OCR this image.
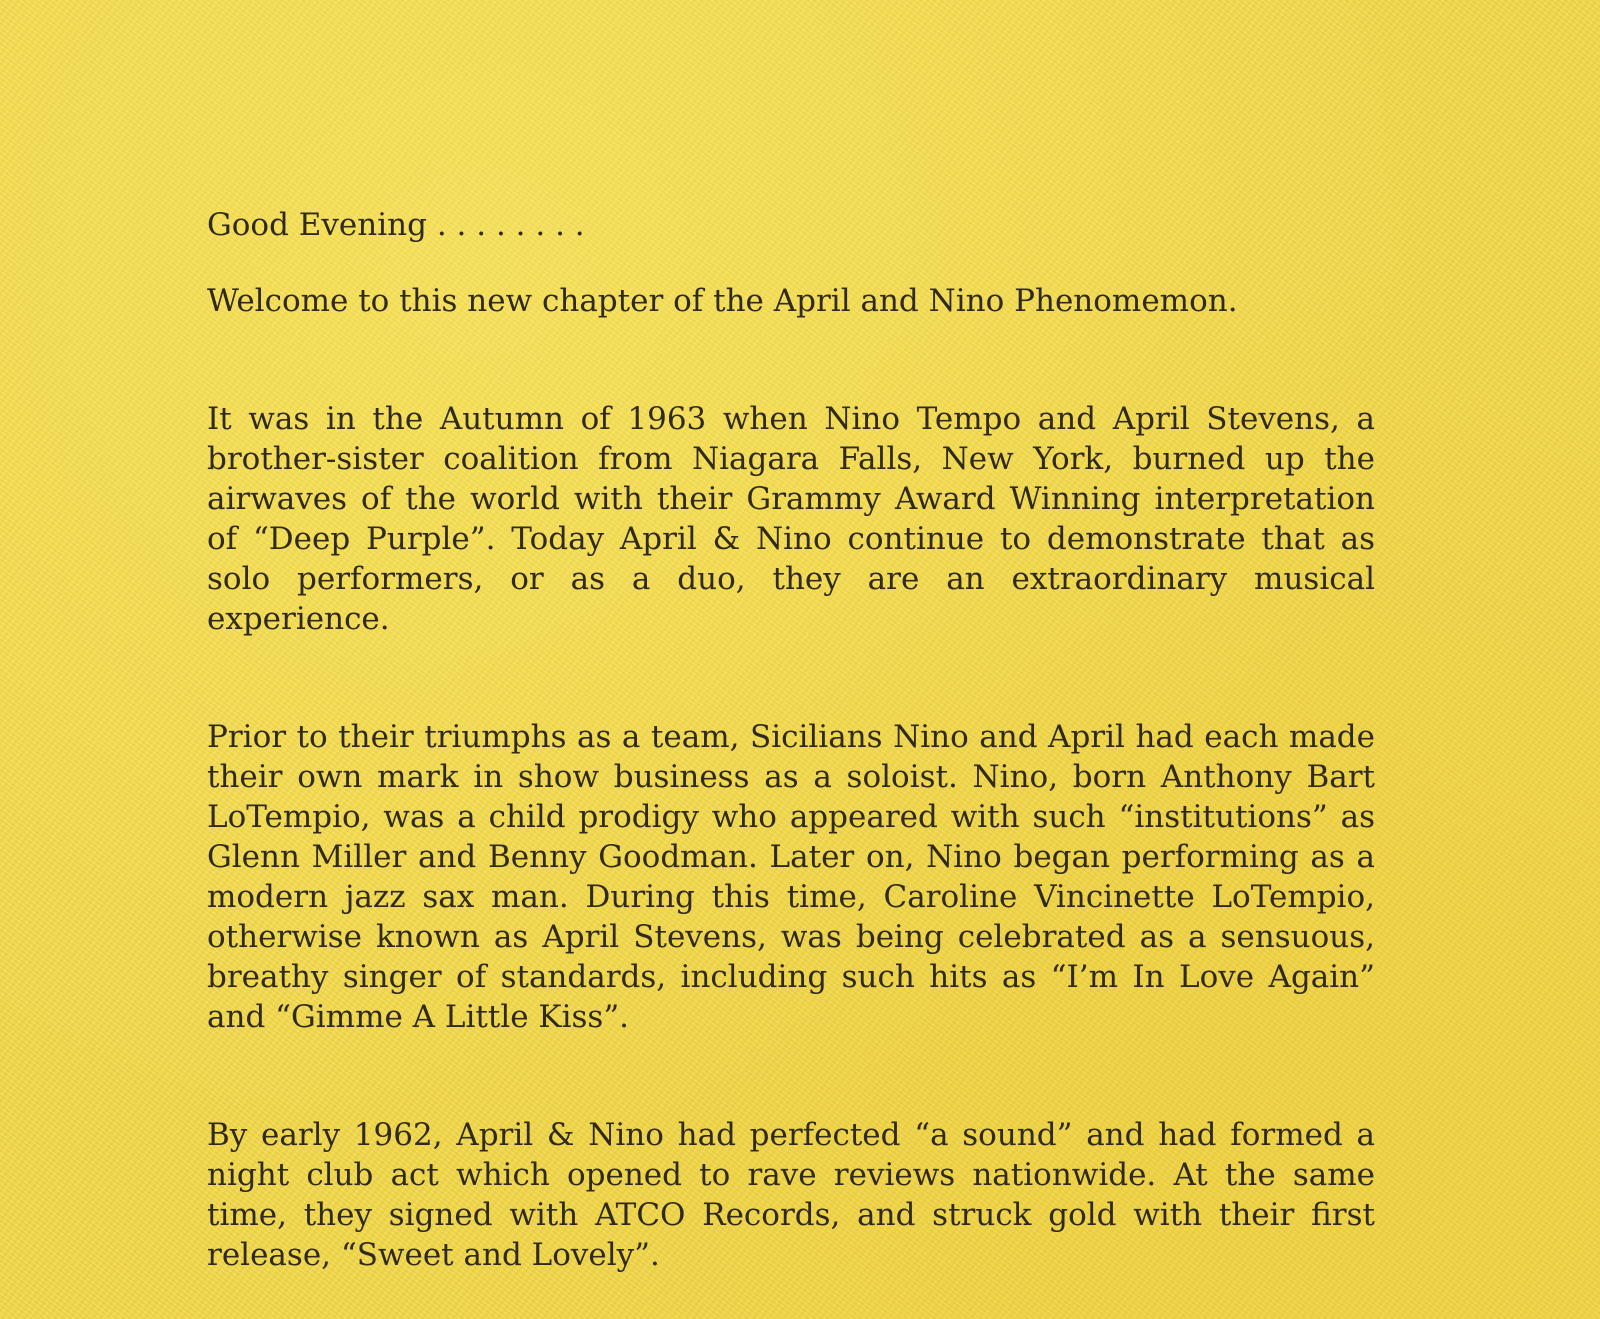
Good Evening . . . . . . . .

Welcome to this new chapter of the April and Nino Phenomemon.

It was in the Autumn of 1963 when Nino Tempo and April Stevens, a brother-sister coalition from Niagara Falls, New York, burned up the airwaves of the world with their Grammy Award Winning interpretation of “Deep Purple”. Today April & Nino continue to demonstrate that as solo performers, or as a duo, they are an extraordinary musical experience.

Prior to their triumphs as a team, Sicilians Nino and April had each made their own mark in show business as a soloist. Nino, born Anthony Bart LoTempio, was a child prodigy who appeared with such “institutions” as Glenn Miller and Benny Goodman. Later on, Nino began performing as a modern jazz sax man. During this time, Caroline Vincinette LoTempio, otherwise known as April Stevens, was being celebrated as a sensuous, breathy singer of standards, including such hits as “I’m In Love Again” and “Gimme A Little Kiss”.

By early 1962, April & Nino had perfected “a sound” and had formed a night club act which opened to rave reviews nationwide. At the same time, they signed with ATCO Records, and struck gold with their first release, “Sweet and Lovely”.
